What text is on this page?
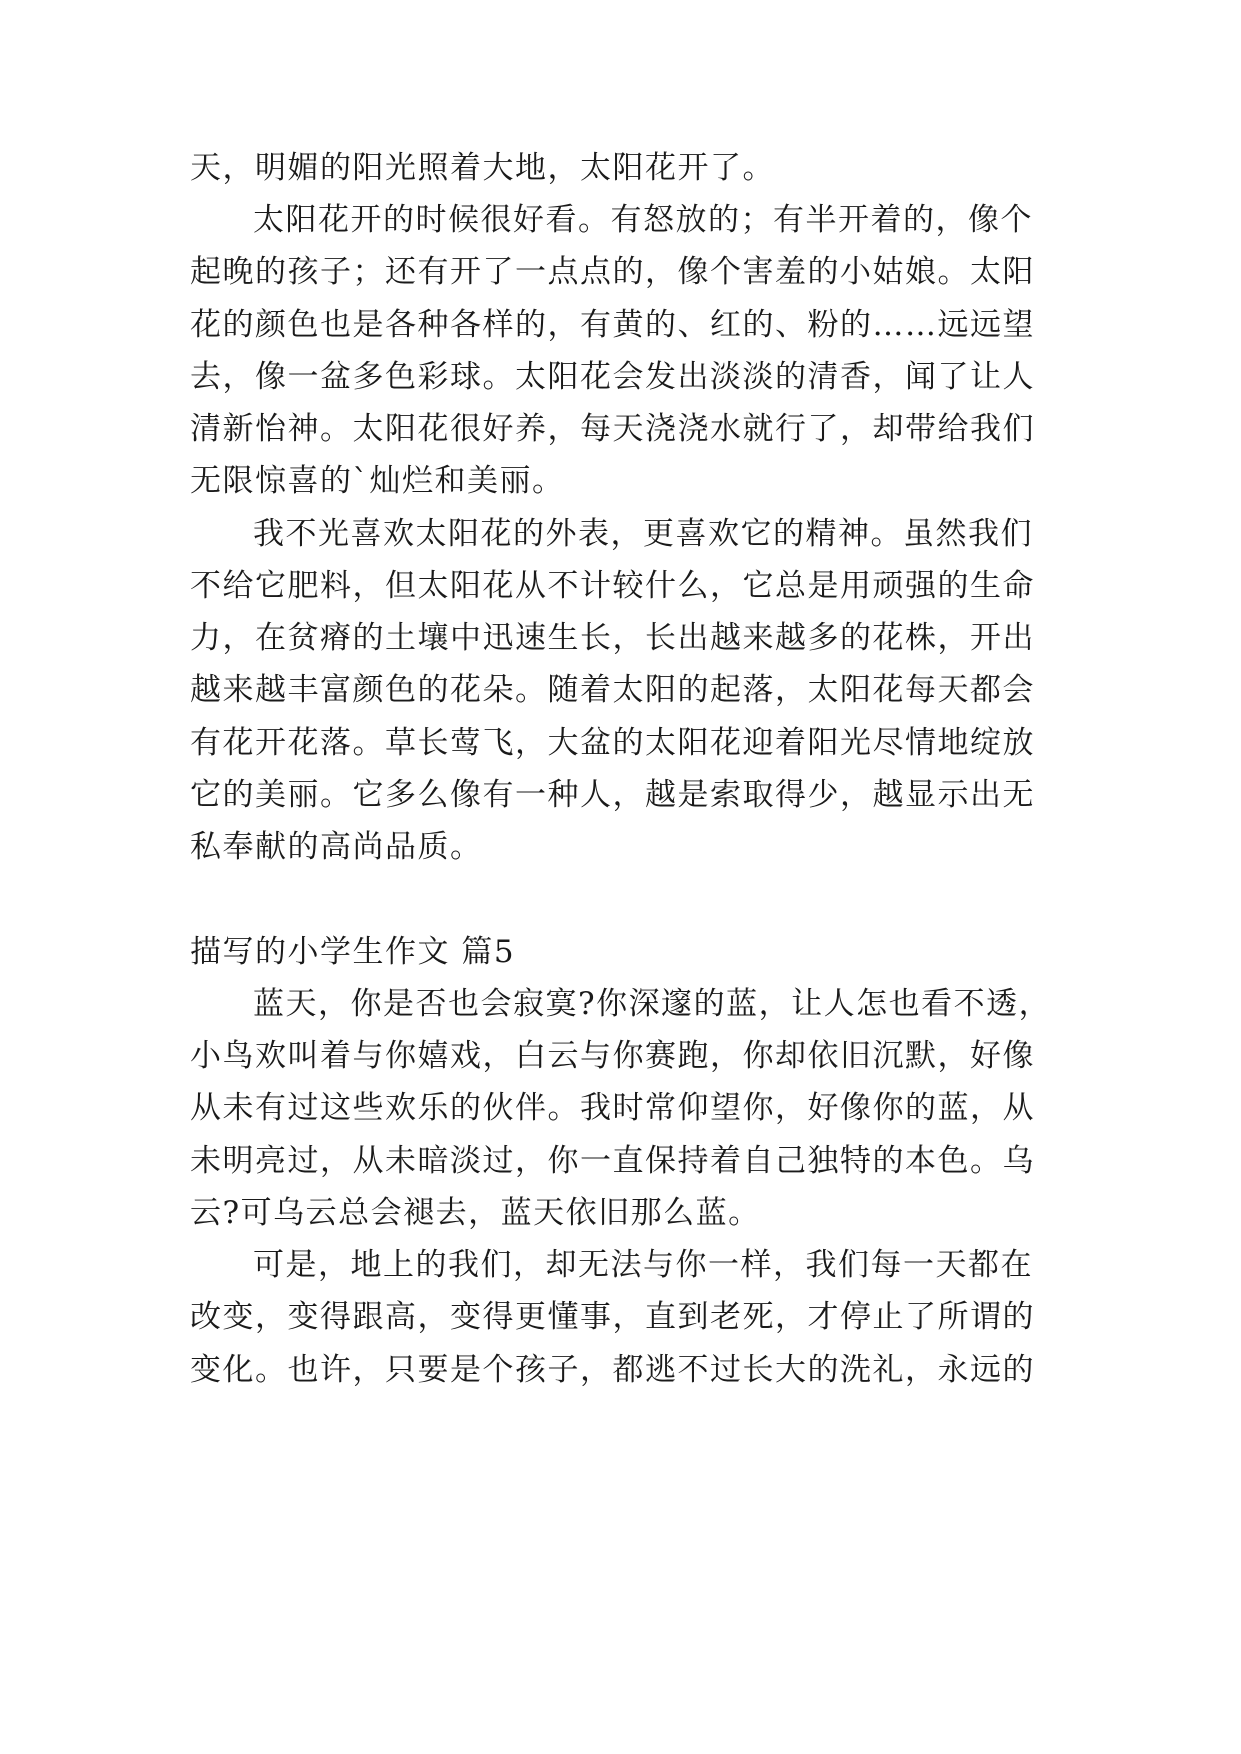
天，明媚的阳光照着大地，太阳花开了。
太阳花开的时候很好看。有怒放的；有半开着的，像个
起晚的孩子；还有开了一点点的，像个害羞的小姑娘。太阳
花的颜色也是各种各样的，有黄的、红的、粉的……远远望
去，像一盆多色彩球。太阳花会发出淡淡的清香，闻了让人
清新怡神。太阳花很好养，每天浇浇水就行了，却带给我们
无限惊喜的`灿烂和美丽。
我不光喜欢太阳花的外表，更喜欢它的精神。虽然我们
不给它肥料，但太阳花从不计较什么，它总是用顽强的生命
力，在贫瘠的土壤中迅速生长，长出越来越多的花株，开出
越来越丰富颜色的花朵。随着太阳的起落，太阳花每天都会
有花开花落。草长莺飞，大盆的太阳花迎着阳光尽情地绽放
它的美丽。它多么像有一种人，越是索取得少，越显示出无
私奉献的高尚品质。
描写的小学生作文 篇5
蓝天，你是否也会寂寞?你深邃的蓝，让人怎也看不透，
小鸟欢叫着与你嬉戏，白云与你赛跑，你却依旧沉默，好像
从未有过这些欢乐的伙伴。我时常仰望你，好像你的蓝，从
未明亮过，从未暗淡过，你一直保持着自己独特的本色。乌
云?可乌云总会褪去，蓝天依旧那么蓝。
可是，地上的我们，却无法与你一样，我们每一天都在
改变，变得跟高，变得更懂事，直到老死，才停止了所谓的
变化。也许，只要是个孩子，都逃不过长大的洗礼，永远的
